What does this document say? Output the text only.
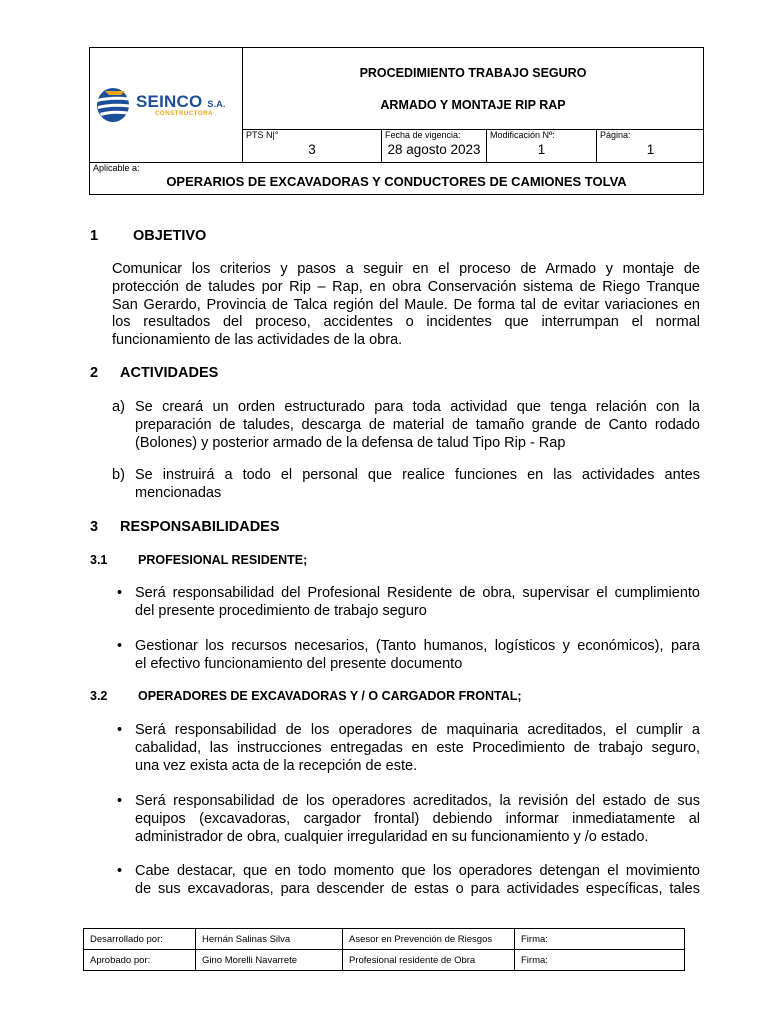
SEINCO S.A.
CONSTRUCTORA
PROCEDIMIENTO TRABAJO SEGURO
ARMADO Y MONTAJE RIP RAP
PTS N|°
3
Fecha de vigencia:
28 agosto 2023
Modificación Nº:
1
Página:
1
Aplicable a:
OPERARIOS DE EXCAVADORAS Y CONDUCTORES DE CAMIONES TOLVA
1 OBJETIVO
Comunicar los criterios y pasos a seguir en el proceso de Armado y montaje de
protección de taludes por Rip – Rap, en obra Conservación sistema de Riego Tranque
San Gerardo, Provincia de Talca región del Maule. De forma tal de evitar variaciones en
los resultados del proceso, accidentes o incidentes que interrumpan el normal
funcionamiento de las actividades de la obra.
2 ACTIVIDADES
a) Se creará un orden estructurado para toda actividad que tenga relación con la
preparación de taludes, descarga de material de tamaño grande de Canto rodado
(Bolones) y posterior armado de la defensa de talud Tipo Rip - Rap
b) Se instruirá a todo el personal que realice funciones en las actividades antes
mencionadas
3 RESPONSABILIDADES
3.1 PROFESIONAL RESIDENTE;
• Será responsabilidad del Profesional Residente de obra, supervisar el cumplimiento
del presente procedimiento de trabajo seguro
• Gestionar los recursos necesarios, (Tanto humanos, logísticos y económicos), para
el efectivo funcionamiento del presente documento
3.2 OPERADORES DE EXCAVADORAS Y / O CARGADOR FRONTAL;
• Será responsabilidad de los operadores de maquinaria acreditados, el cumplir a
cabalidad, las instrucciones entregadas en este Procedimiento de trabajo seguro,
una vez exista acta de la recepción de este.
• Será responsabilidad de los operadores acreditados, la revisión del estado de sus
equipos (excavadoras, cargador frontal) debiendo informar inmediatamente al
administrador de obra, cualquier irregularidad en su funcionamiento y /o estado.
• Cabe destacar, que en todo momento que los operadores detengan el movimiento
de sus excavadoras, para descender de estas o para actividades específicas, tales
Desarrollado por:	Hernán Salinas Silva	Asesor en Prevención de Riesgos	Firma:
Aprobado por:	Gino Morelli Navarrete	Profesional residente de Obra	Firma:
